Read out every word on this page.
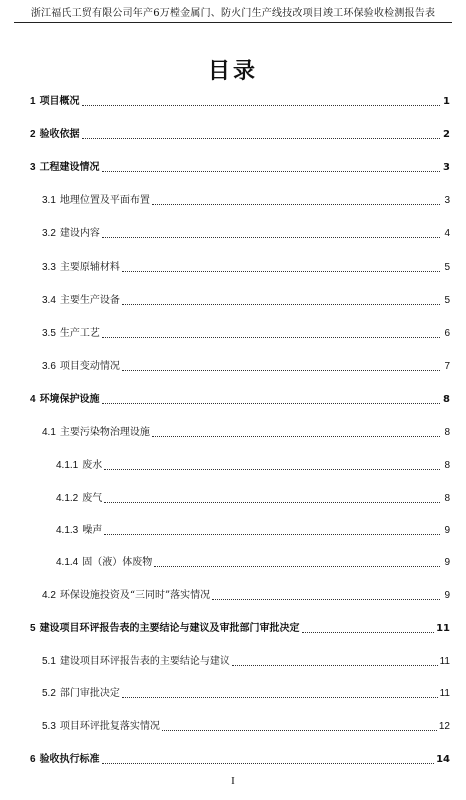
浙江福氏工贸有限公司年产6万樘金属门、防火门生产线技改项目竣工环保验收检测报告表
目录
1 项目概况	1
2 验收依据	2
3 工程建设情况	3
3.1 地理位置及平面布置	3
3.2 建设内容	4
3.3 主要原辅材料	5
3.4 主要生产设备	5
3.5 生产工艺	6
3.6 项目变动情况	7
4 环境保护设施	8
4.1 主要污染物治理设施	8
4.1.1 废水	8
4.1.2 废气	8
4.1.3 噪声	9
4.1.4 固（液）体废物	9
4.2 环保设施投资及“三同时”落实情况	9
5 建设项目环评报告表的主要结论与建议及审批部门审批决定	11
5.1 建设项目环评报告表的主要结论与建议	11
5.2 部门审批决定	11
5.3 项目环评批复落实情况	12
6 验收执行标准	14
I
